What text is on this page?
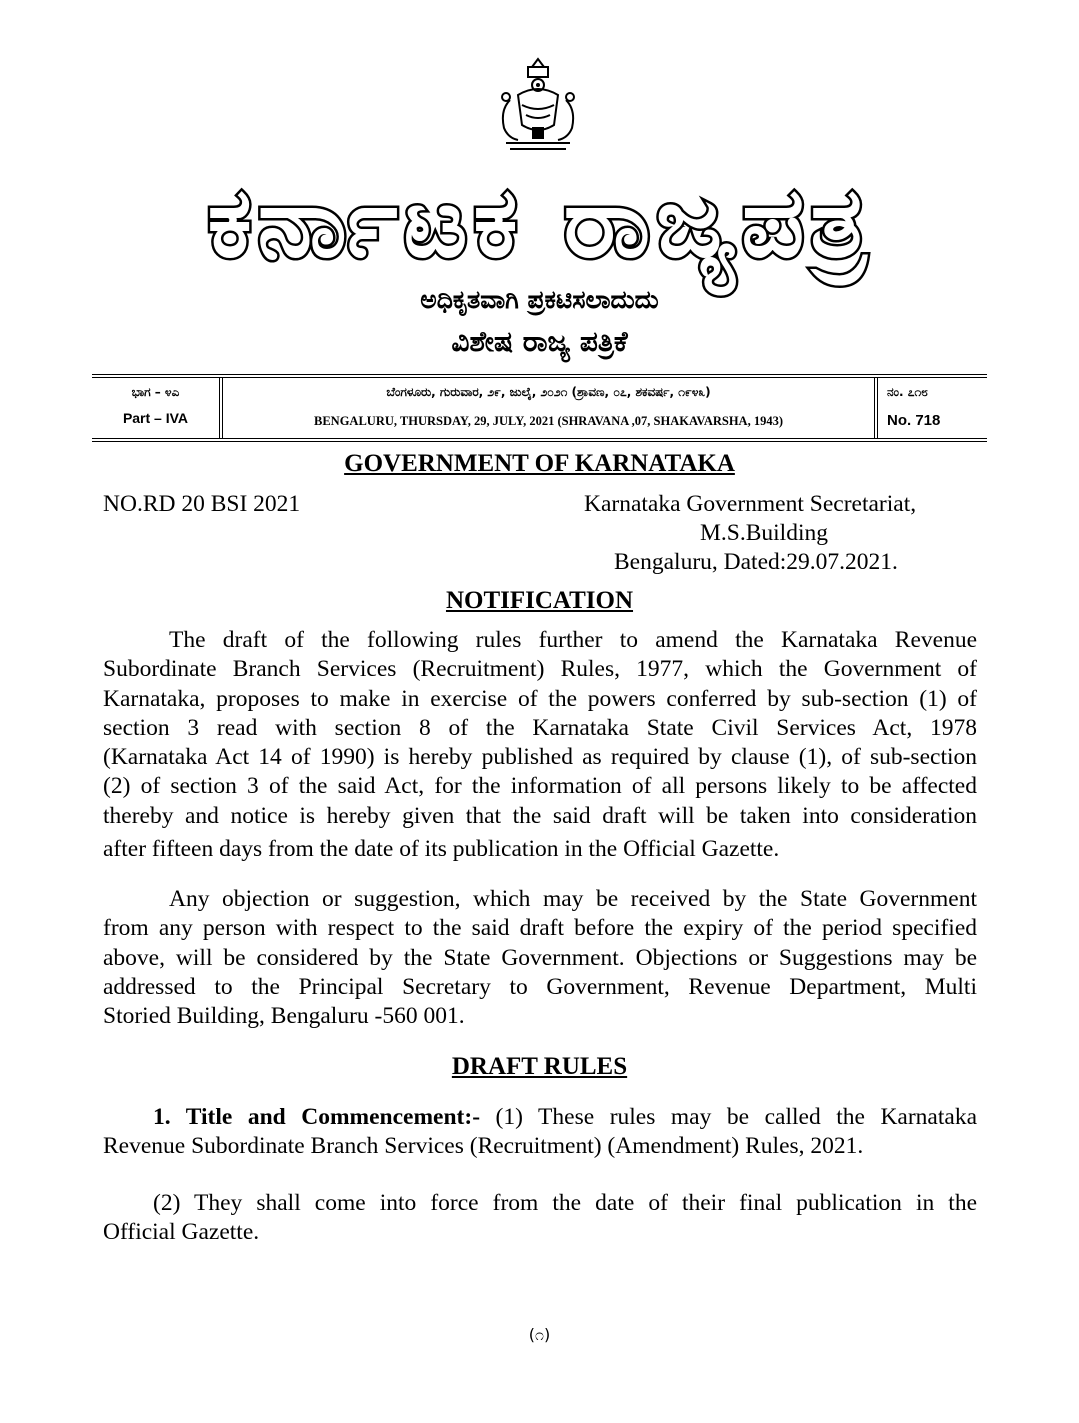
ಕರ್ನಾಟಕ ರಾಜ್ಯಪತ್ರ
ಅಧಿಕೃತವಾಗಿ ಪ್ರಕಟಿಸಲಾದುದು
ವಿಶೇಷ ರಾಜ್ಯ ಪತ್ರಿಕೆ
ಭಾಗ – ೪ಎ
Part – IVA
ಬೆಂಗಳೂರು, ಗುರುವಾರ, ೨೯, ಜುಲೈ, ೨೦೨೧ (ಶ್ರಾವಣ, ೦೭, ಶಕವರ್ಷ, ೧೯೪೩)
BENGALURU, THURSDAY, 29, JULY, 2021 (SHRAVANA ,07, SHAKAVARSHA, 1943)
ನಂ. ೭೧೮
No. 718
GOVERNMENT OF KARNATAKA
NO.RD 20 BSI 2021	Karnataka Government Secretariat,
M.S.Building
Bengaluru, Dated:29.07.2021.
NOTIFICATION
The draft of the following rules further to amend the Karnataka Revenue
Subordinate Branch Services (Recruitment) Rules, 1977, which the Government of
Karnataka, proposes to make in exercise of the powers conferred by sub-section (1) of
section 3 read with section 8 of the Karnataka State Civil Services Act, 1978
(Karnataka Act 14 of 1990) is hereby published as required by clause (1), of sub-section
(2) of section 3 of the said Act, for the information of all persons likely to be affected
thereby and notice is hereby given that the said draft will be taken into consideration
after fifteen days from the date of its publication in the Official Gazette.
Any objection or suggestion, which may be received by the State Government
from any person with respect to the said draft before the expiry of the period specified
above, will be considered by the State Government. Objections or Suggestions may be
addressed to the Principal Secretary to Government, Revenue Department, Multi
Storied Building, Bengaluru -560 001.
DRAFT RULES
1. Title and Commencement:- (1) These rules may be called the Karnataka
Revenue Subordinate Branch Services (Recruitment) (Amendment) Rules, 2021.
(2) They shall come into force from the date of their final publication in the
Official Gazette.
(೧)
